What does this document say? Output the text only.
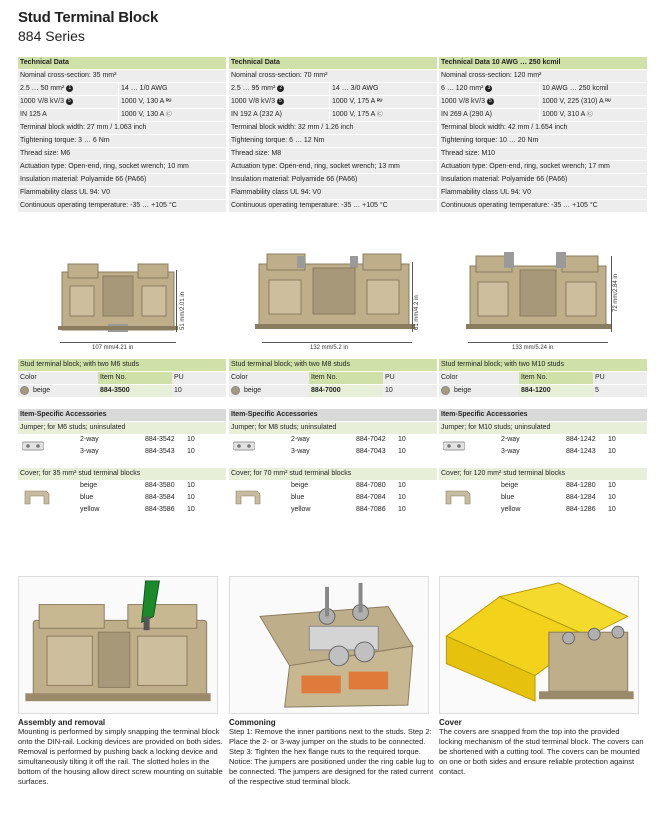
Stud Terminal Block
884 Series
Technical Data
Nominal cross-section: 35 mm²
2.5 … 50 mm² 1	14 … 1/0 AWG
1000 V/8 kV/3 5	1000 V, 130 A ᴿᵁ
IN 125 A	1000 V, 130 A Ⓒ
Terminal block width: 27 mm / 1.063 inch
Tightening torque: 3 … 6 Nm
Thread size: M6
Actuation type: Open-end, ring, socket wrench; 10 mm
Insulation material: Polyamide 66 (PA66)
Flammability class UL 94: V0
Continuous operating temperature: -35 … +105 °C
Technical Data
Nominal cross-section: 70 mm²
2.5 … 95 mm² 2	14 … 3/0 AWG
1000 V/8 kV/3 5	1000 V, 175 A ᴿᵁ
IN 192 A (232 A)	1000 V, 175 A Ⓒ
Terminal block width: 32 mm / 1.26 inch
Tightening torque: 6 … 12 Nm
Thread size: M8
Actuation type: Open-end, ring, socket wrench; 13 mm
Insulation material: Polyamide 66 (PA66)
Flammability class UL 94: V0
Continuous operating temperature: -35 … +105 °C
Technical Data 10 AWG … 250 kcmil
Nominal cross-section: 120 mm²
6 … 120 mm² 3	10 AWG … 250 kcmil
1000 V/8 kV/3 5	1000 V, 225 (310) A ᴿᵁ
IN 269 A (290 A)	1000 V, 310 A Ⓒ
Terminal block width: 42 mm / 1.654 inch
Tightening torque: 10 … 20 Nm
Thread size: M10
Actuation type: Open-end, ring, socket wrench; 17 mm
Insulation material: Polyamide 66 (PA66)
Flammability class UL 94: V0
Continuous operating temperature: -35 … +105 °C
107 mm/4.21 in
51 mm/2.01 in
132 mm/5.2 in
61 mm/4.2 in
133 mm/5.24 in
72 mm/2.84 in
Stud terminal block; with two M6 studs
Color	Item No.	PU
beige	884-3500	10
Item-Specific Accessories
Jumper; for M6 studs; uninsulated
2-way	884-3542	10
3-way	884-3543	10
Cover; for 35 mm² stud terminal blocks
beige	884-3580	10
blue	884-3584	10
yellow	884-3586	10
Stud terminal block; with two M8 studs
Color	Item No.	PU
beige	884-7000	10
Item-Specific Accessories
Jumper; for M8 studs; uninsulated
2-way	884-7042	10
3-way	884-7043	10
Cover; for 70 mm² stud terminal blocks
beige	884-7080	10
blue	884-7084	10
yellow	884-7086	10
Stud terminal block; with two M10 studs
Color	Item No.	PU
beige	884-1200	5
Item-Specific Accessories
Jumper; for M10 studs; uninsulated
2-way	884-1242	10
3-way	884-1243	10
Cover; for 120 mm² stud terminal blocks
beige	884-1280	10
blue	884-1284	10
yellow	884-1286	10
Assembly and removal
Mounting is performed by simply snapping the terminal block onto the DIN-rail. Locking devices are provided on both sides. Removal is performed by pushing back a locking device and simultaneously tilting it off the rail. The slotted holes in the bottom of the housing allow direct screw mounting on suitable surfaces.
Commoning
Step 1: Remove the inner partitions next to the studs. Step 2: Place the 2- or 3-way jumper on the studs to be connected. Step 3: Tighten the hex flange nuts to the required torque. Notice: The jumpers are positioned under the ring cable lug to be connected. The jumpers are designed for the rated current of the respective stud terminal block.
Cover
The covers are snapped from the top into the provided locking mechanism of the stud terminal block. The covers can be shortened with a cutting tool. The covers can be mounted on one or both sides and ensure reliable protection against contact.
